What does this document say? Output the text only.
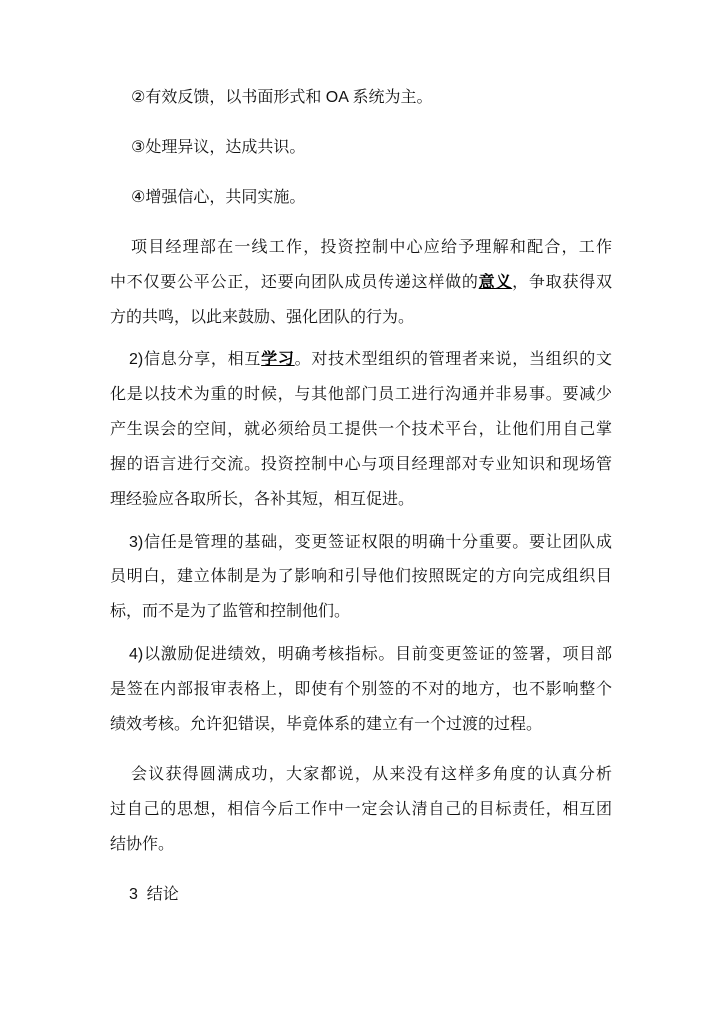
②有效反馈，以书面形式和 OA 系统为主。
③处理异议，达成共识。
④增强信心，共同实施。
项目经理部在一线工作，投资控制中心应给予理解和配合，工作
中不仅要公平公正，还要向团队成员传递这样做的意义，争取获得双
方的共鸣，以此来鼓励、强化团队的行为。
2)信息分享，相互学习。对技术型组织的管理者来说，当组织的文
化是以技术为重的时候，与其他部门员工进行沟通并非易事。要减少
产生误会的空间，就必须给员工提供一个技术平台，让他们用自己掌
握的语言进行交流。投资控制中心与项目经理部对专业知识和现场管
理经验应各取所长，各补其短，相互促进。
3)信任是管理的基础，变更签证权限的明确十分重要。要让团队成
员明白，建立体制是为了影响和引导他们按照既定的方向完成组织目
标，而不是为了监管和控制他们。
4)以激励促进绩效，明确考核指标。目前变更签证的签署，项目部
是签在内部报审表格上，即使有个别签的不对的地方，也不影响整个
绩效考核。允许犯错误，毕竟体系的建立有一个过渡的过程。
会议获得圆满成功，大家都说，从来没有这样多角度的认真分析
过自己的思想，相信今后工作中一定会认清自己的目标责任，相互团
结协作。
3  结论
